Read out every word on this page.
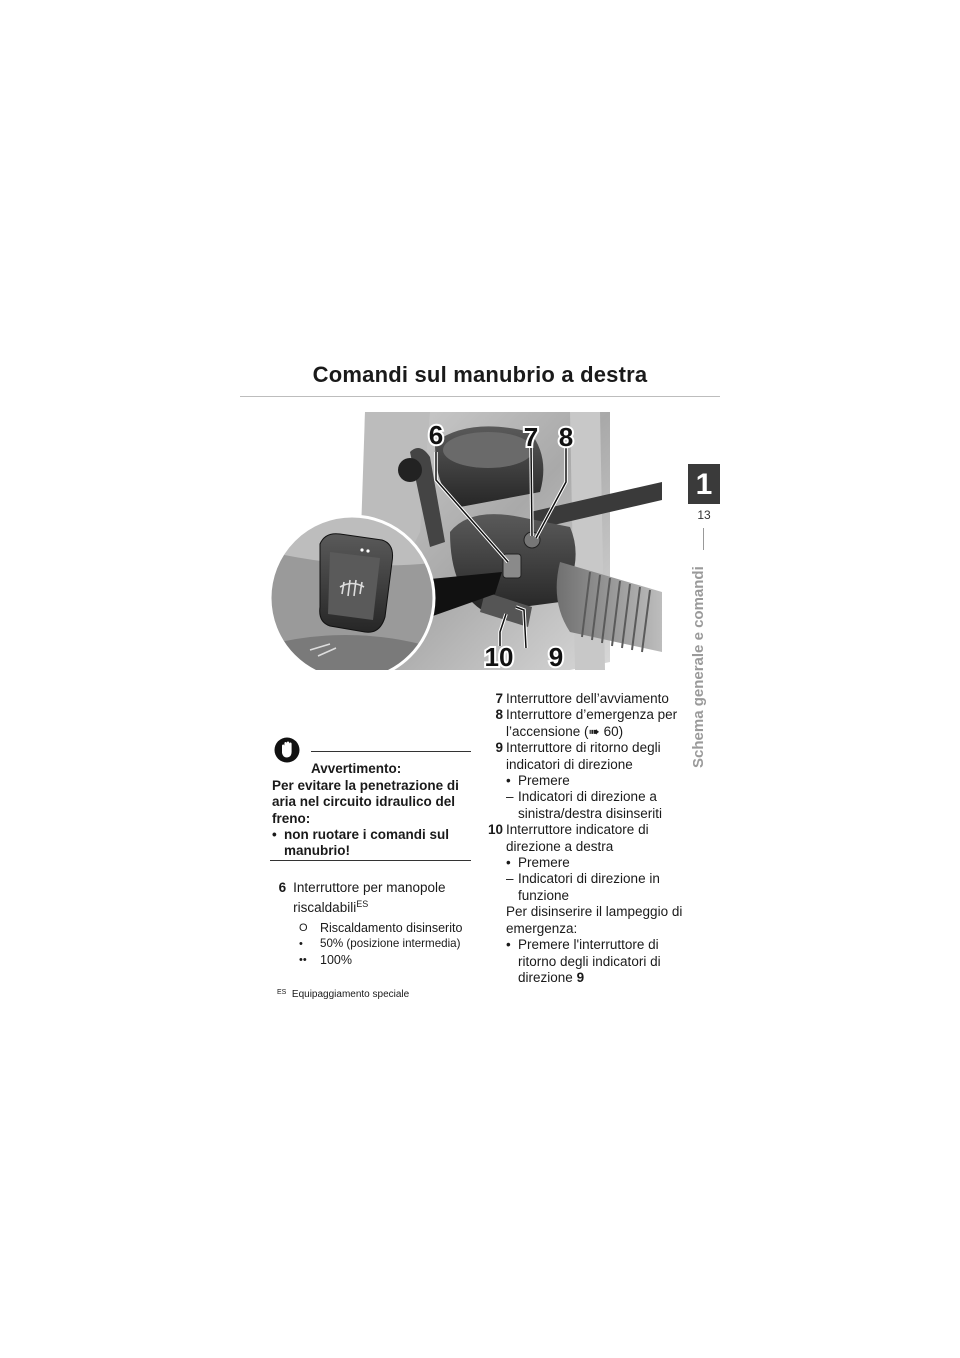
Comandi sul manubrio a destra
1
13
Schema generale e comandi
6	7 8
10 9
Avvertimento:
Per evitare la penetrazione di aria nel circuito idraulico del freno:
• non ruotare i comandi sul manubrio!
6 Interruttore per manopole riscaldabili$^{ES}$
O Riscaldamento disinserito
•	50% (posizione intermedia)
••	100%
$^{ES}$ Equipaggiamento speciale
7 Interruttore dell’avviamento
8 Interruttore d’emergenza per l’accensione (➠ 60)
9 Interruttore di ritorno degli indicatori di direzione
• Premere
– Indicatori di direzione a sinistra/destra disinseriti
10 Interruttore indicatore di direzione a destra
• Premere
– Indicatori di direzione in funzione
Per disinserire il lampeggio di emergenza:
• Premere l'interruttore di ritorno degli indicatori di direzione 9
